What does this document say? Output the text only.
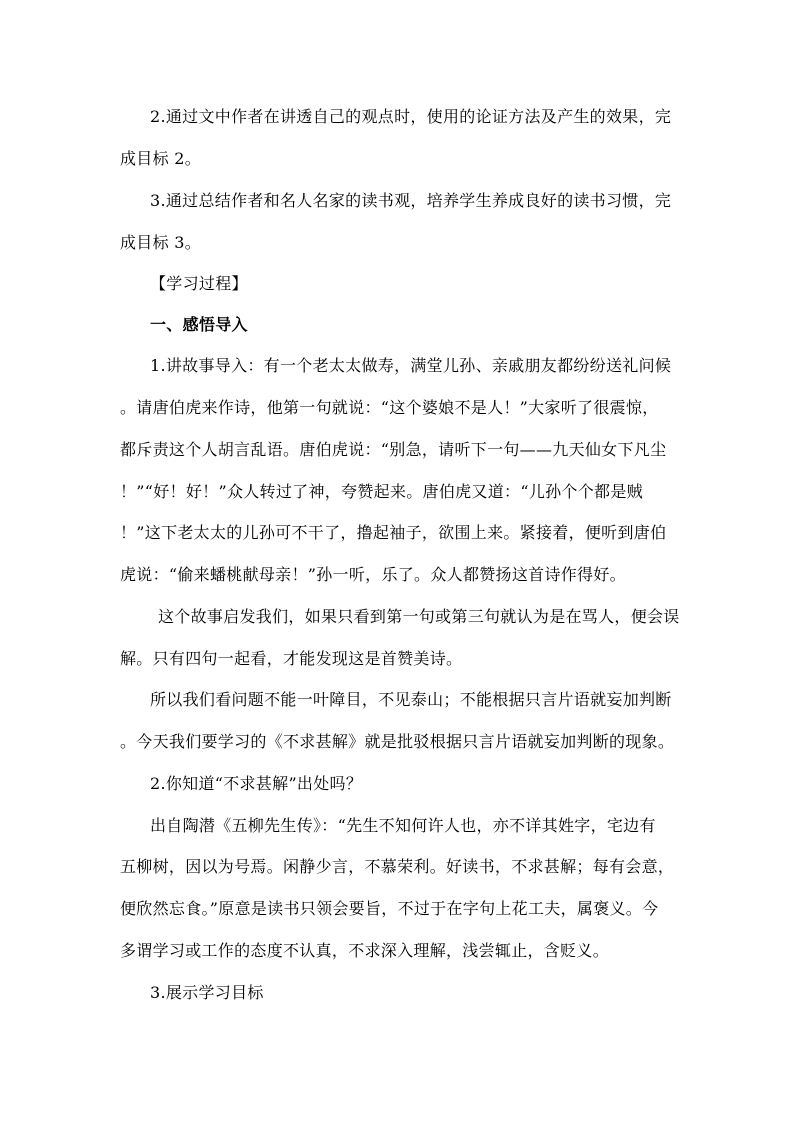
2.通过文中作者在讲透自己的观点时，使用的论证方法及产生的效果，完
成目标 2。
3.通过总结作者和名人名家的读书观，培养学生养成良好的读书习惯，完
成目标 3。
【学习过程】
一、感悟导入
1.讲故事导入：有一个老太太做寿，满堂儿孙、亲戚朋友都纷纷送礼问候
。请唐伯虎来作诗，他第一句就说：“这个婆娘不是人！”大家听了很震惊，
都斥责这个人胡言乱语。唐伯虎说：“别急，请听下一句——九天仙女下凡尘
！”“好！好！”众人转过了神，夸赞起来。唐伯虎又道：“儿孙个个都是贼
！”这下老太太的儿孙可不干了，撸起袖子，欲围上来。紧接着，便听到唐伯
虎说：“偷来蟠桃献母亲！”孙一听，乐了。众人都赞扬这首诗作得好。
这个故事启发我们，如果只看到第一句或第三句就认为是在骂人，便会误
解。只有四句一起看，才能发现这是首赞美诗。
所以我们看问题不能一叶障目，不见泰山；不能根据只言片语就妄加判断
。今天我们要学习的《不求甚解》就是批驳根据只言片语就妄加判断的现象。
2.你知道“不求甚解”出处吗？
出自陶潜《五柳先生传》：“先生不知何许人也，亦不详其姓字，宅边有
五柳树，因以为号焉。闲静少言，不慕荣利。好读书，不求甚解；每有会意，
便欣然忘食。”原意是读书只领会要旨，不过于在字句上花工夫，属褒义。今
多谓学习或工作的态度不认真，不求深入理解，浅尝辄止，含贬义。
3.展示学习目标
